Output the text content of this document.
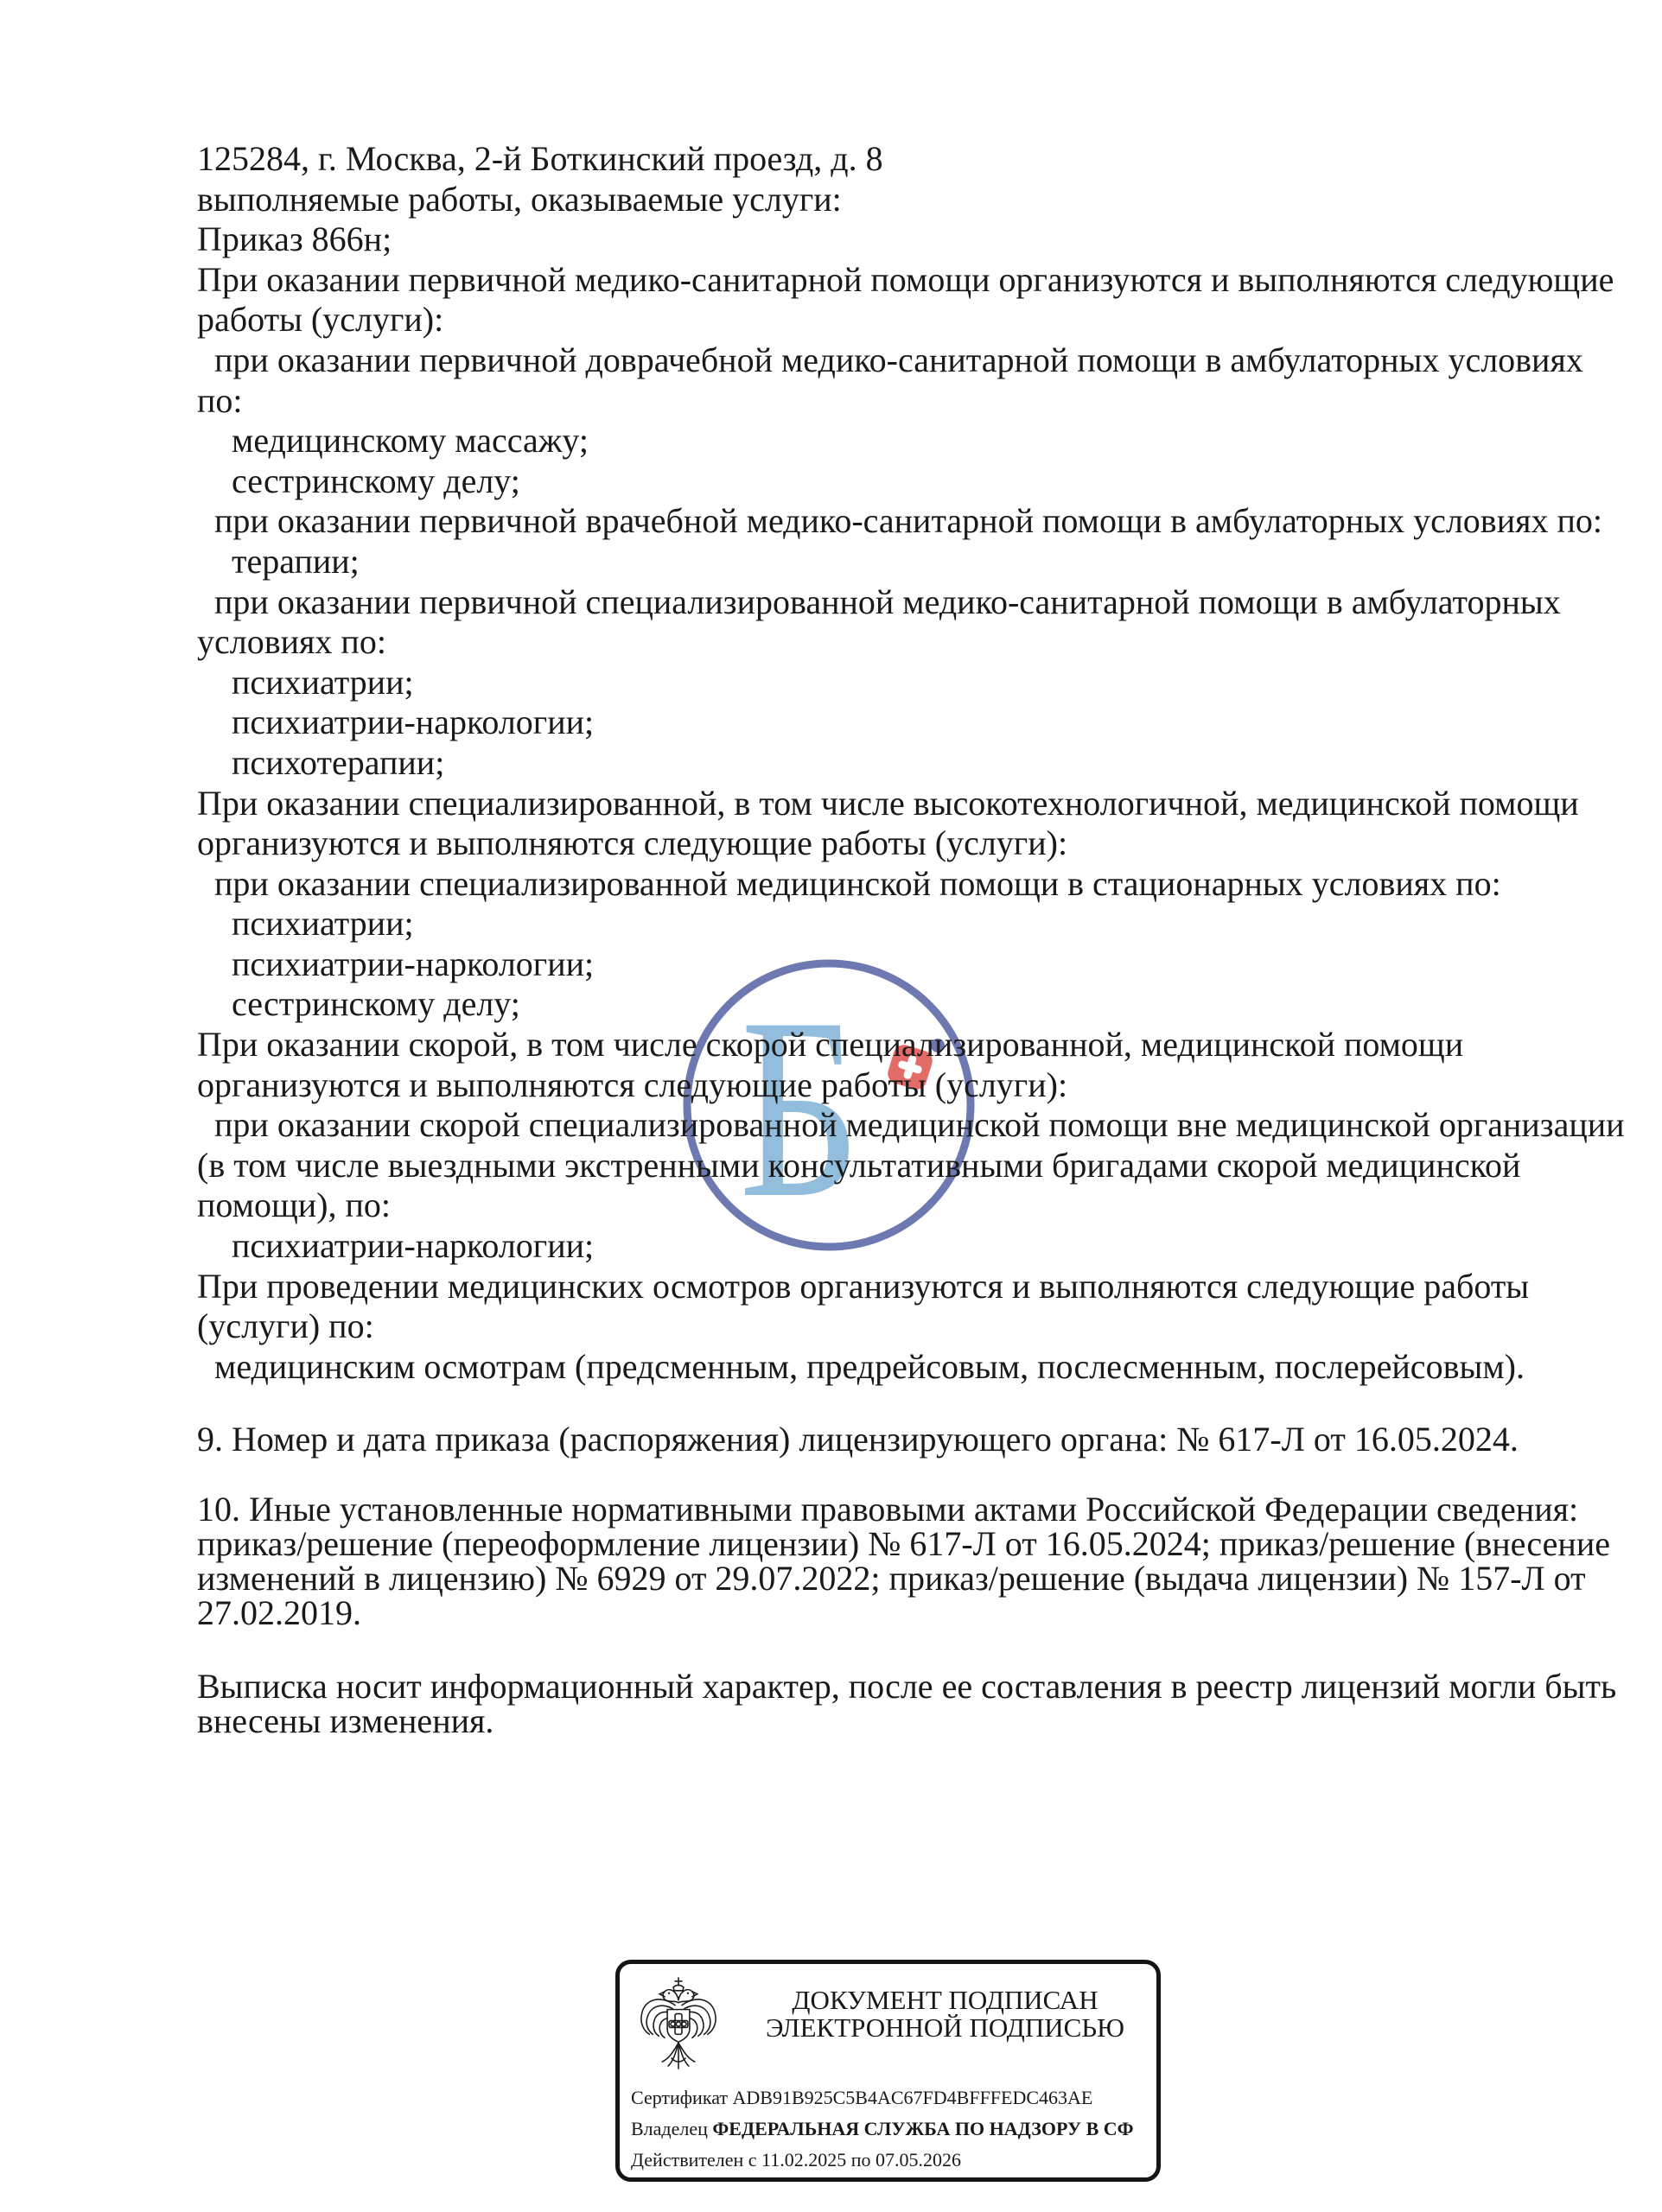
Б
125284, г. Москва, 2-й Боткинский проезд, д. 8
выполняемые работы, оказываемые услуги:
Приказ 866н;
При оказании первичной медико-санитарной помощи организуются и выполняются следующие
работы (услуги):
при оказании первичной доврачебной медико-санитарной помощи в амбулаторных условиях
по:
медицинскому массажу;
сестринскому делу;
при оказании первичной врачебной медико-санитарной помощи в амбулаторных условиях по:
терапии;
при оказании первичной специализированной медико-санитарной помощи в амбулаторных
условиях по:
психиатрии;
психиатрии-наркологии;
психотерапии;
При оказании специализированной, в том числе высокотехнологичной, медицинской помощи
организуются и выполняются следующие работы (услуги):
при оказании специализированной медицинской помощи в стационарных условиях по:
психиатрии;
психиатрии-наркологии;
сестринскому делу;
При оказании скорой, в том числе скорой специализированной, медицинской помощи
организуются и выполняются следующие работы (услуги):
при оказании скорой специализированной медицинской помощи вне медицинской организации
(в том числе выездными экстренными консультативными бригадами скорой медицинской
помощи), по:
психиатрии-наркологии;
При проведении медицинских осмотров организуются и выполняются следующие работы
(услуги) по:
медицинским осмотрам (предсменным, предрейсовым, послесменным, послерейсовым).
9. Номер и дата приказа (распоряжения) лицензирующего органа: № 617-Л от 16.05.2024.
10. Иные установленные нормативными правовыми актами Российской Федерации сведения:
приказ/решение (переоформление лицензии) № 617-Л от 16.05.2024; приказ/решение (внесение
изменений в лицензию) № 6929 от 29.07.2022; приказ/решение (выдача лицензии) № 157-Л от
27.02.2019.
Выписка носит информационный характер, после ее составления в реестр лицензий могли быть
внесены изменения.
ДОКУМЕНТ ПОДПИСАН
ЭЛЕКТРОННОЙ ПОДПИСЬЮ
Сертификат ADB91B925C5B4AC67FD4BFFFEDC463AE
Владелец ФЕДЕРАЛЬНАЯ СЛУЖБА ПО НАДЗОРУ В СФ
Действителен с 11.02.2025 по 07.05.2026
